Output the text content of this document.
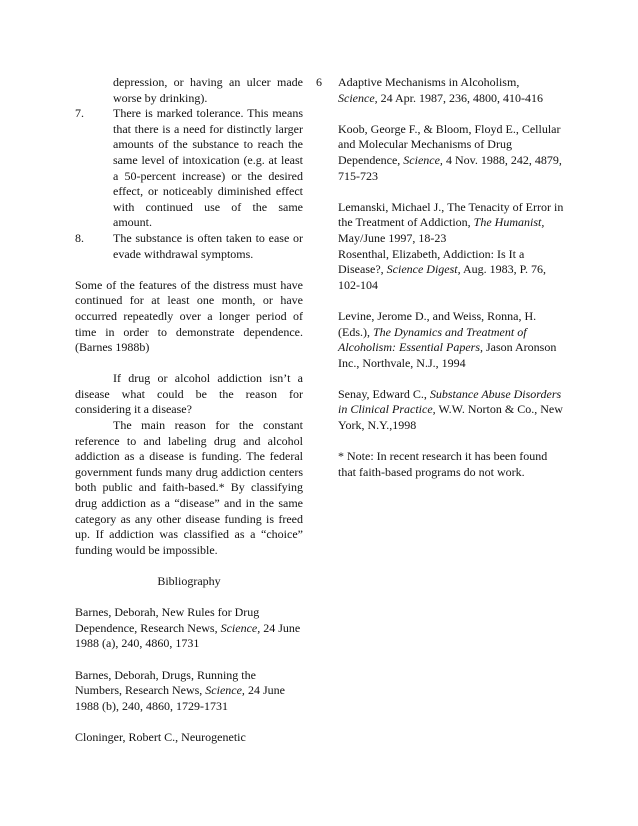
depression, or having an ulcer made worse by drinking).

7.	There is marked tolerance. This means that there is a need for distinctly larger amounts of the substance to reach the same level of intoxication (e.g. at least a 50-percent increase) or the desired effect, or noticeably diminished effect with continued use of the same amount.
8.	The substance is often taken to ease or evade withdrawal symptoms.

Some of the features of the distress must have continued for at least one month, or have occurred repeatedly over a longer period of time in order to demonstrate dependence. (Barnes 1988b)

If drug or alcohol addiction isn’t a disease what could be the reason for considering it a disease?

The main reason for the constant reference to and labeling drug and alcohol addiction as a disease is funding. The federal government funds many drug addiction centers both public and faith-based.* By classifying drug addiction as a “disease” and in the same category as any other disease funding is freed up. If addiction was classified as a “choice” funding would be impossible.

Bibliography

Barnes, Deborah, New Rules for Drug Dependence, Research News, Science, 24 June 1988 (a), 240, 4860, 1731

Barnes, Deborah, Drugs, Running the Numbers, Research News, Science, 24 June 1988 (b), 240, 4860, 1729-1731

Cloninger, Robert C., Neurogenetic

6	Adaptive Mechanisms in Alcoholism,
Science, 24 Apr. 1987, 236, 4800, 410-416

Koob, George F., & Bloom, Floyd E., Cellular and Molecular Mechanisms of Drug Dependence, Science, 4 Nov. 1988, 242, 4879, 715-723

Lemanski, Michael J., The Tenacity of Error in the Treatment of Addiction, The Humanist, May/June 1997, 18-23

Rosenthal, Elizabeth, Addiction: Is It a Disease?, Science Digest, Aug. 1983, P. 76, 102-104

Levine, Jerome D., and Weiss, Ronna, H. (Eds.), The Dynamics and Treatment of Alcoholism: Essential Papers, Jason Aronson Inc., Northvale, N.J., 1994

Senay, Edward C., Substance Abuse Disorders in Clinical Practice, W.W. Norton & Co., New York, N.Y.,1998

* Note: In recent research it has been found that faith-based programs do not work.
